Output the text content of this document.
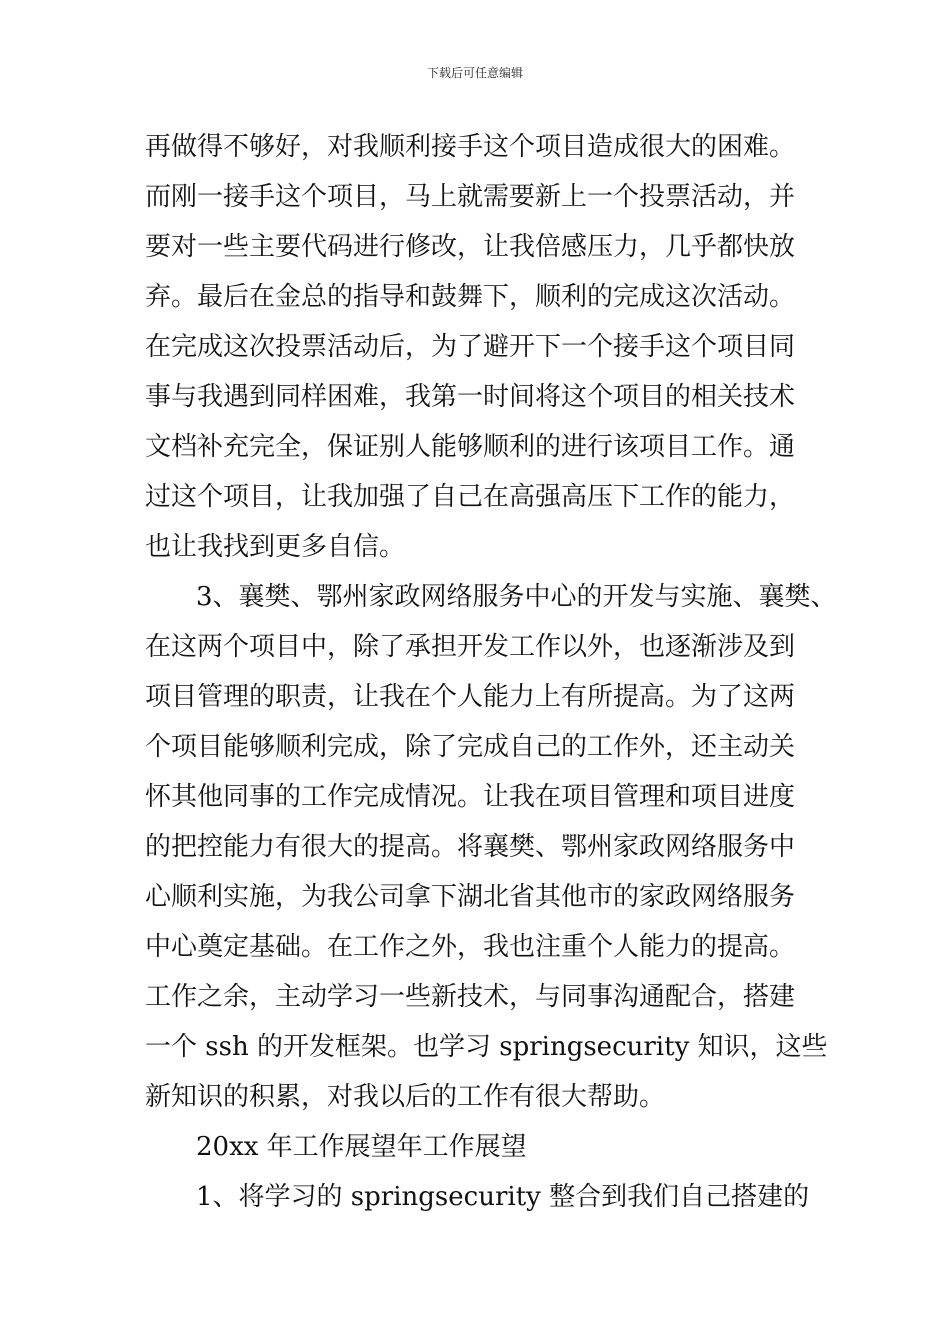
下载后可任意编辑
再做得不够好，对我顺利接手这个项目造成很大的困难。
而刚一接手这个项目，马上就需要新上一个投票活动，并
要对一些主要代码进行修改，让我倍感压力，几乎都快放
弃。最后在金总的指导和鼓舞下，顺利的完成这次活动。
在完成这次投票活动后，为了避开下一个接手这个项目同
事与我遇到同样困难，我第一时间将这个项目的相关技术
文档补充完全，保证别人能够顺利的进行该项目工作。通
过这个项目，让我加强了自己在高强高压下工作的能力，
也让我找到更多自信。
3、襄樊、鄂州家政网络服务中心的开发与实施、襄樊、
在这两个项目中，除了承担开发工作以外，也逐渐涉及到
项目管理的职责，让我在个人能力上有所提高。为了这两
个项目能够顺利完成，除了完成自己的工作外，还主动关
怀其他同事的工作完成情况。让我在项目管理和项目进度
的把控能力有很大的提高。将襄樊、鄂州家政网络服务中
心顺利实施，为我公司拿下湖北省其他市的家政网络服务
中心奠定基础。在工作之外，我也注重个人能力的提高。
工作之余，主动学习一些新技术，与同事沟通配合，搭建
一个 ssh 的开发框架。也学习 springsecurity 知识，这些
新知识的积累，对我以后的工作有很大帮助。
20xx 年工作展望年工作展望
1、将学习的 springsecurity 整合到我们自己搭建的
